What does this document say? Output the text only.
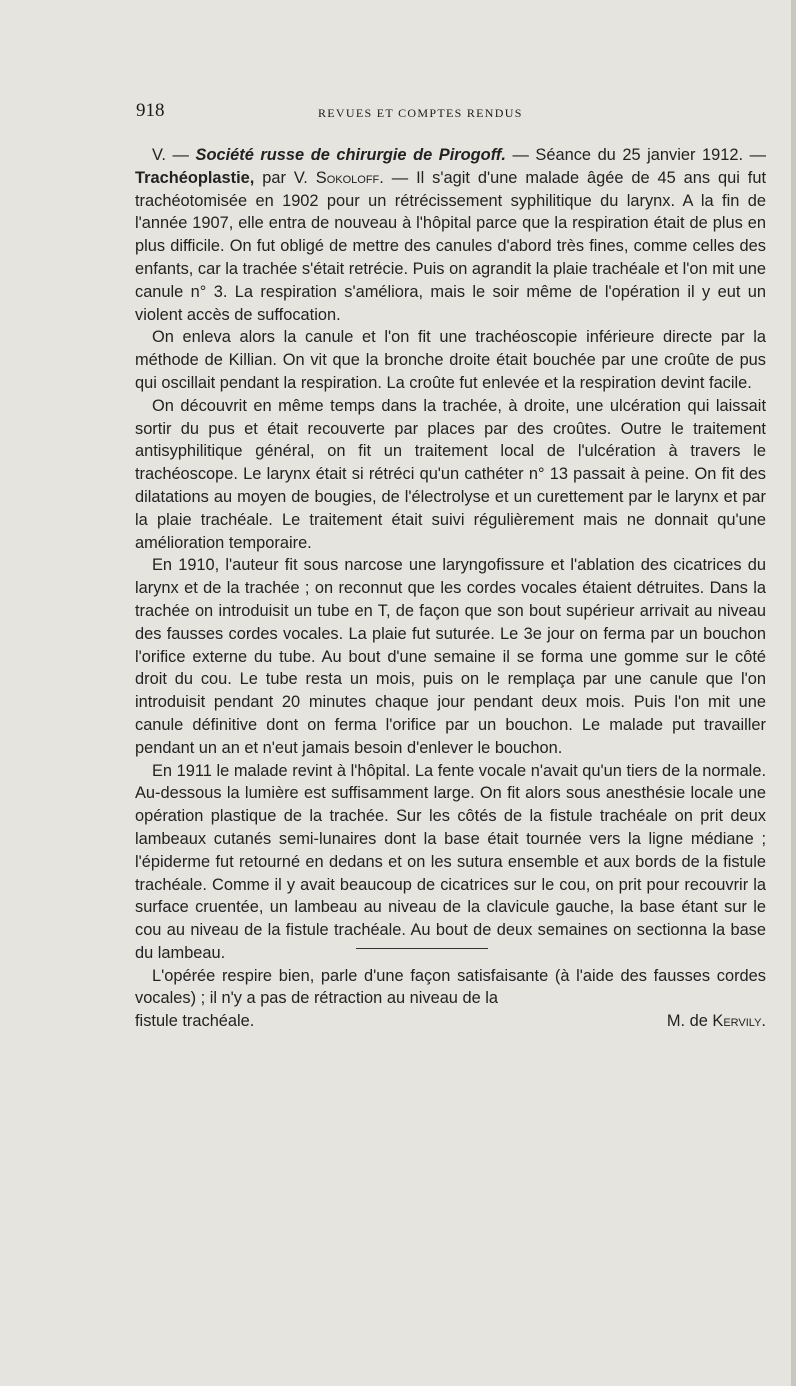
918	REVUES ET COMPTES RENDUS

V. — Société russe de chirurgie de Pirogoff. — Séance du 25 janvier 1912. — Trachéoplastie, par V. Sokoloff. — Il s'agit d'une malade âgée de 45 ans qui fut trachéotomisée en 1902 pour un rétrécissement syphilitique du larynx. A la fin de l'année 1907, elle entra de nouveau à l'hôpital parce que la respiration était de plus en plus difficile. On fut obligé de mettre des canules d'abord très fines, comme celles des enfants, car la trachée s'était retrécie. Puis on agrandit la plaie trachéale et l'on mit une canule n° 3. La respiration s'améliora, mais le soir même de l'opération il y eut un violent accès de suffocation.

On enleva alors la canule et l'on fit une trachéoscopie inférieure directe par la méthode de Killian. On vit que la bronche droite était bouchée par une croûte de pus qui oscillait pendant la respiration. La croûte fut enlevée et la respiration devint facile.

On découvrit en même temps dans la trachée, à droite, une ulcération qui laissait sortir du pus et était recouverte par places par des croûtes. Outre le traitement antisyphilitique général, on fit un traitement local de l'ulcération à travers le trachéoscope. Le larynx était si rétréci qu'un cathéter n° 13 passait à peine. On fit des dilatations au moyen de bougies, de l'électrolyse et un curettement par le larynx et par la plaie trachéale. Le traitement était suivi régulièrement mais ne donnait qu'une amélioration temporaire.

En 1910, l'auteur fit sous narcose une laryngofissure et l'ablation des cicatrices du larynx et de la trachée ; on reconnut que les cordes vocales étaient détruites. Dans la trachée on introduisit un tube en T, de façon que son bout supérieur arrivait au niveau des fausses cordes vocales. La plaie fut suturée. Le 3e jour on ferma par un bouchon l'orifice externe du tube. Au bout d'une semaine il se forma une gomme sur le côté droit du cou. Le tube resta un mois, puis on le remplaça par une canule que l'on introduisit pendant 20 minutes chaque jour pendant deux mois. Puis l'on mit une canule définitive dont on ferma l'orifice par un bouchon. Le malade put travailler pendant un an et n'eut jamais besoin d'enlever le bouchon.

En 1911 le malade revint à l'hôpital. La fente vocale n'avait qu'un tiers de la normale. Au-dessous la lumière est suffisamment large. On fit alors sous anesthésie locale une opération plastique de la trachée. Sur les côtés de la fistule trachéale on prit deux lambeaux cutanés semi-lunaires dont la base était tournée vers la ligne médiane ; l'épiderme fut retourné en dedans et on les sutura ensemble et aux bords de la fistule trachéale. Comme il y avait beaucoup de cicatrices sur le cou, on prit pour recouvrir la surface cruentée, un lambeau au niveau de la clavicule gauche, la base étant sur le cou au niveau de la fistule trachéale. Au bout de deux semaines on sectionna la base du lambeau.

L'opérée respire bien, parle d'une façon satisfaisante (à l'aide des fausses cordes vocales) ; il n'y a pas de rétraction au niveau de la

fistule trachéale.	M. de Kervily.
